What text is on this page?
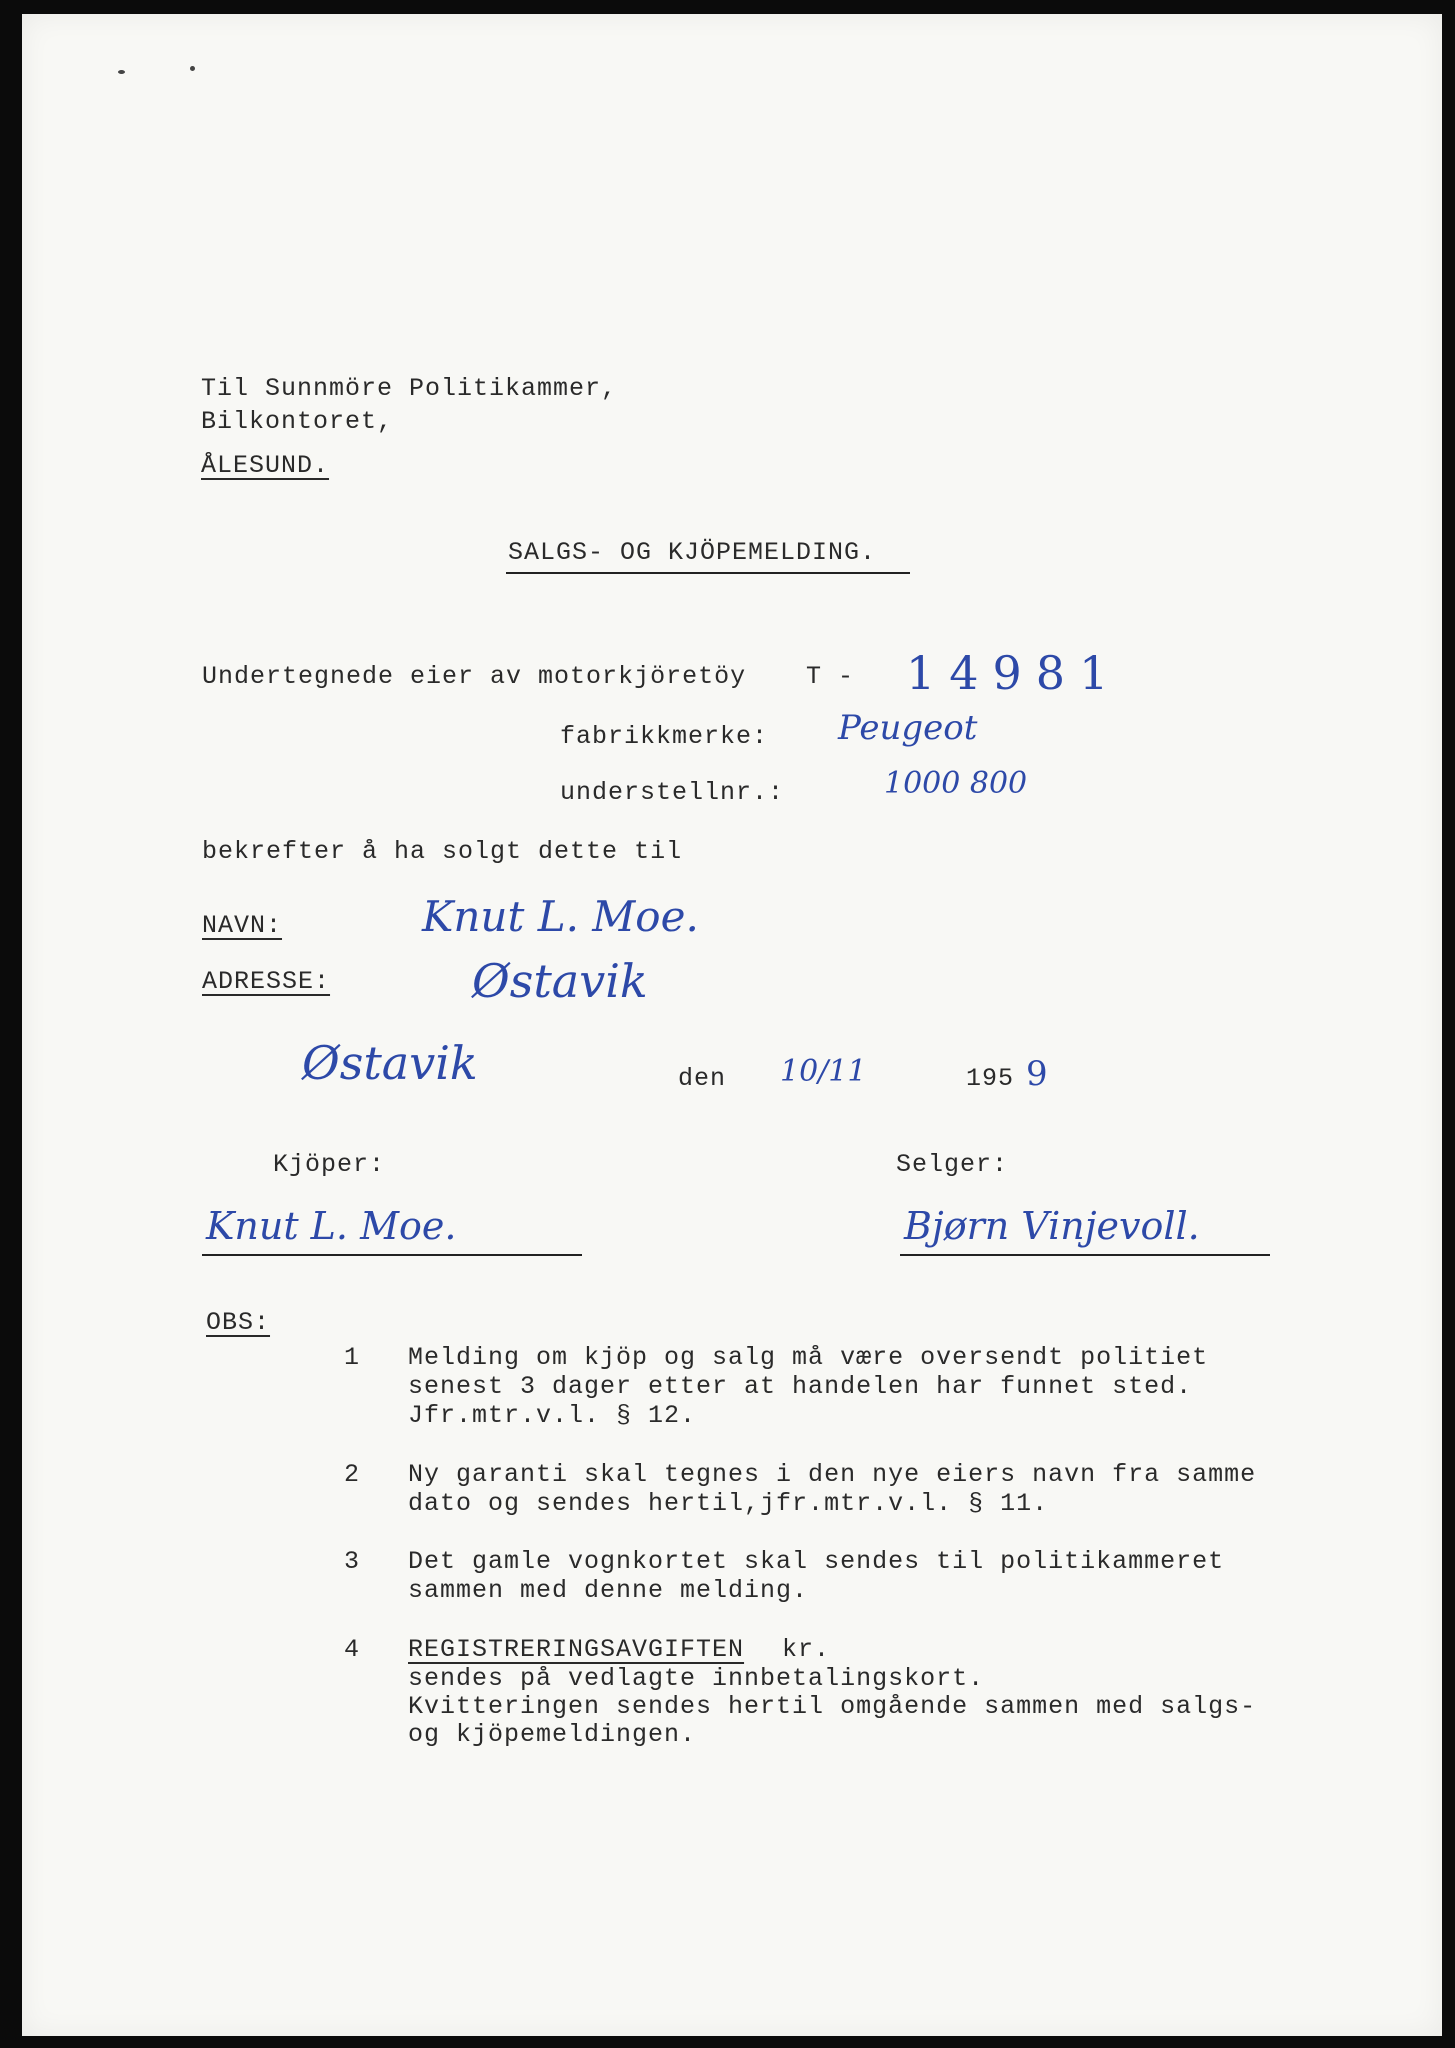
Til Sunnmöre Politikammer,
Bilkontoret,
ÅLESUND.
SALGS- OG KJÖPEMELDING.
Undertegnede eier av motorkjöretöy T - 14981
fabrikkmerke: Peugeot
understellnr.:	1000 800
bekrefter å ha solgt dette til
NAVN:	Knut L. Moe.
ADRESSE:	Østavik
Østavik	den 10/11	195 9
Kjöper:	Selger:
Knut L. Moe.	Bjørn Vinjevoll.
OBS:
1 Melding om kjöp og salg må være oversendt politiet
senest 3 dager etter at handelen har funnet sted.
Jfr.mtr.v.l. § 12.
2 Ny garanti skal tegnes i den nye eiers navn fra samme
dato og sendes hertil,jfr.mtr.v.l. § 11.
3 Det gamle vognkortet skal sendes til politikammeret
sammen med denne melding.
4 REGISTRERINGSAVGIFTEN kr.
sendes på vedlagte innbetalingskort.
Kvitteringen sendes hertil omgående sammen med salgs-
og kjöpemeldingen.
